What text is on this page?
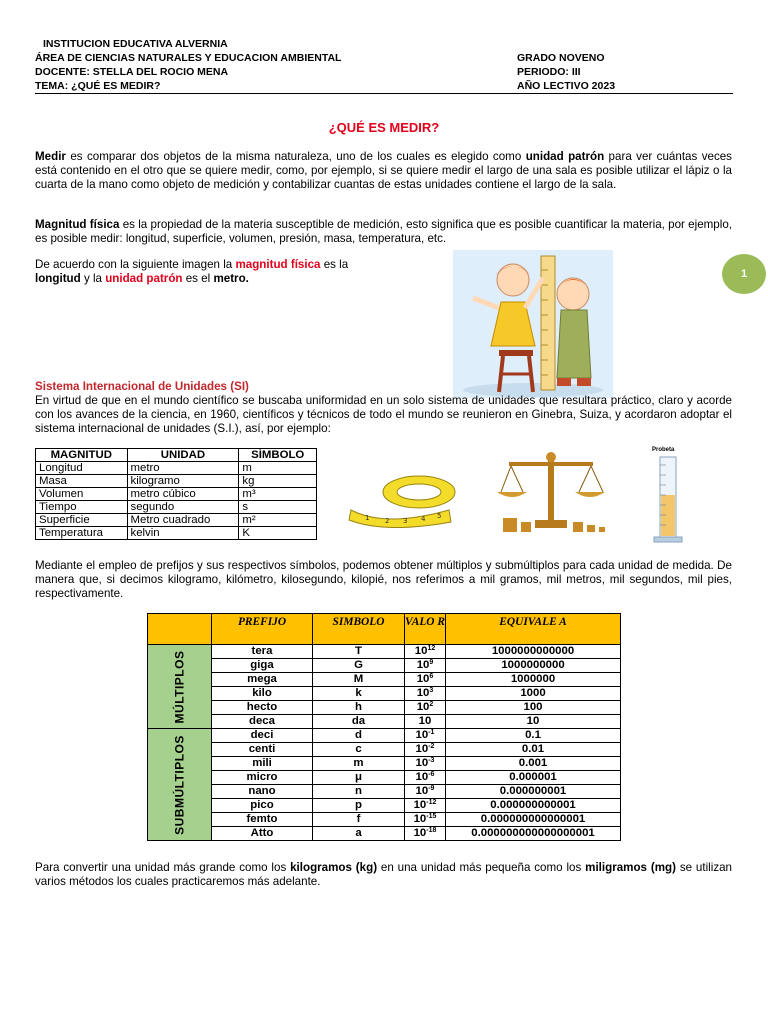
INSTITUCION EDUCATIVA ALVERNIA
ÁREA DE CIENCIAS NATURALES Y EDUCACION AMBIENTAL
DOCENTE: STELLA DEL ROCIO MENA
TEMA: ¿QUÉ ES MEDIR?
GRADO NOVENO
PERIODO: III
AÑO LECTIVO 2023
1
¿QUÉ ES MEDIR?
Medir es comparar dos objetos de la misma naturaleza, uno de los cuales es elegido como unidad patrón para ver cuántas veces está contenido en el otro que se quiere medir, como, por ejemplo, si se quiere medir el largo de una sala es posible utilizar el lápiz o la cuarta de la mano como objeto de medición y contabilizar cuantas de estas unidades contiene el largo de la sala.
Magnitud física es la propiedad de la materia susceptible de medición, esto significa que es posible cuantificar la materia, por ejemplo, es posible medir: longitud, superficie, volumen, presión, masa, temperatura, etc.
De acuerdo con la siguiente imagen la magnitud física es la
longitud y la unidad patrón es el metro.
Sistema Internacional de Unidades (SI)
En virtud de que en el mundo científico se buscaba uniformidad en un solo sistema de unidades que resultara práctico, claro y acorde con los avances de la ciencia, en 1960, científicos y técnicos de todo el mundo se reunieron en Ginebra, Suiza, y acordaron adoptar el sistema internacional de unidades (S.I.), así, por ejemplo:
MAGNITUD	UNIDAD	SÍMBOLO
Longitud	metro	m
Masa	kilogramo	kg
Volumen	metro cúbico	m³
Tiempo	segundo	s
Superficie	Metro cuadrado	m²
Temperatura	kelvin	K
1 2 3 4 5
Probeta
Mediante el empleo de prefijos y sus respectivos símbolos, podemos obtener múltiplos y submúltiplos para cada unidad de medida. De manera que, si decimos kilogramo, kilómetro, kilosegundo, kilopié, nos referimos a mil gramos, mil metros, mil segundos, mil pies, respectivamente.
	PREFIJO	SIMBOLO	VALO R	EQUIVALE A

MÚLTIPLOS	tera	T	$10^{12}$	1000000000000
	giga	G	$10^9$	1000000000
	mega	M	$10^6$	1000000
	kilo	k	$10^3$	1000
	hecto	h	$10^2$	100
	deca	da	10	10

SUBMÚLTIPLOS	deci	d	$10^{-1}$	0.1
	centi	c	$10^{-2}$	0.01
	mili	m	$10^{-3}$	0.001
	micro	μ	$10^{-6}$	0.000001
	nano	n	$10^{-9}$	0.000000001
	pico	p	$10^{-12}$	0.000000000001
	femto	f	$10^{-15}$	0.000000000000001
	Atto	a	$10^{-18}$	0.000000000000000001
Para convertir una unidad más grande como los kilogramos (kg) en una unidad más pequeña como los miligramos (mg) se utilizan varios métodos los cuales practicaremos más adelante.
